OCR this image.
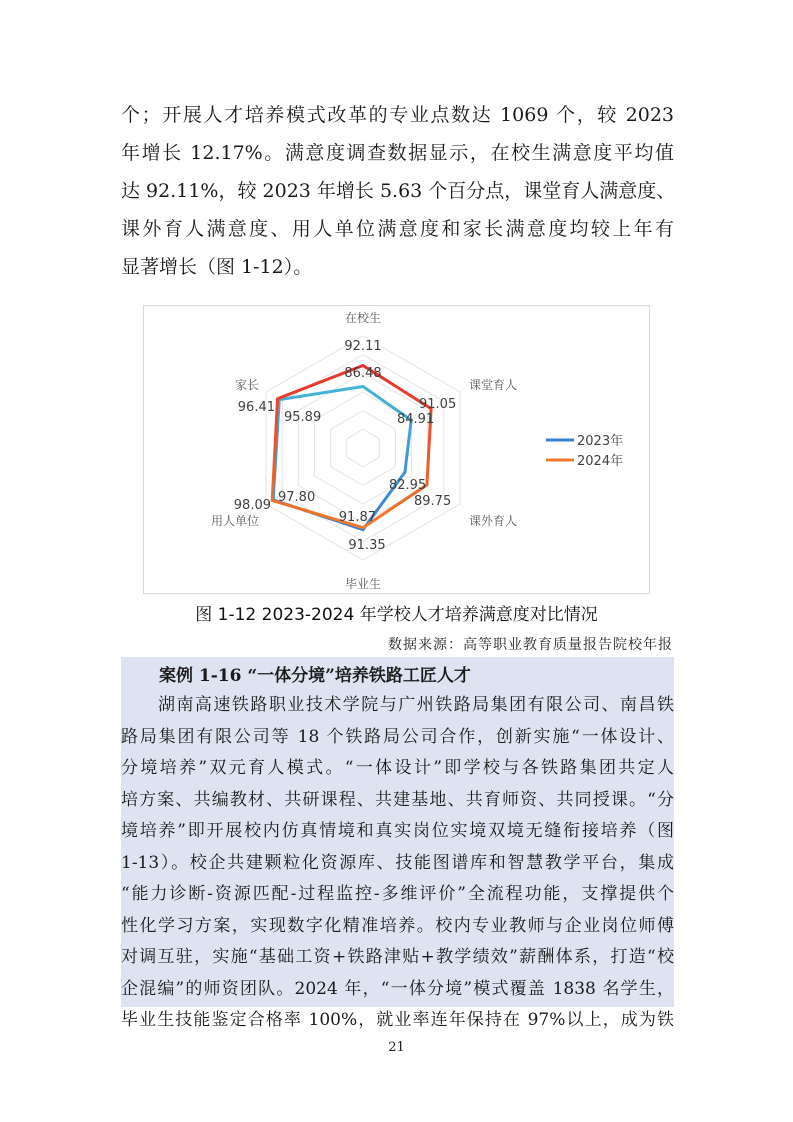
个；开展人才培养模式改革的专业点数达 1069 个，较 2023
年增长 12.17%。满意度调查数据显示，在校生满意度平均值
达 92.11%，较 2023 年增长 5.63 个百分点，课堂育人满意度、
课外育人满意度、用人单位满意度和家长满意度均较上年有
显著增长（图 1-12）。
在校生
课堂育人
课外育人
毕业生
用人单位
家长
92.11
86.48
91.05
84.91
82.95
89.75
91.87
91.35
98.09
97.80
96.41
95.89
2023年
2024年
图 1-12 2023-2024 年学校人才培养满意度对比情况
数据来源：高等职业教育质量报告院校年报
案例 1-16 “一体分境”培养铁路工匠人才
　　湖南高速铁路职业技术学院与广州铁路局集团有限公司、南昌铁
路局集团有限公司等 18 个铁路局公司合作，创新实施“一体设计、
分境培养”双元育人模式。“一体设计”即学校与各铁路集团共定人
培方案、共编教材、共研课程、共建基地、共育师资、共同授课。“分
境培养”即开展校内仿真情境和真实岗位实境双境无缝衔接培养（图
1-13）。校企共建颗粒化资源库、技能图谱库和智慧教学平台，集成
“能力诊断-资源匹配-过程监控-多维评价”全流程功能，支撑提供个
性化学习方案，实现数字化精准培养。校内专业教师与企业岗位师傅
对调互驻，实施“基础工资+铁路津贴+教学绩效”薪酬体系，打造“校
企混编”的师资团队。2024 年，“一体分境”模式覆盖 1838 名学生，
毕业生技能鉴定合格率 100%，就业率连年保持在 97%以上，成为铁
21
